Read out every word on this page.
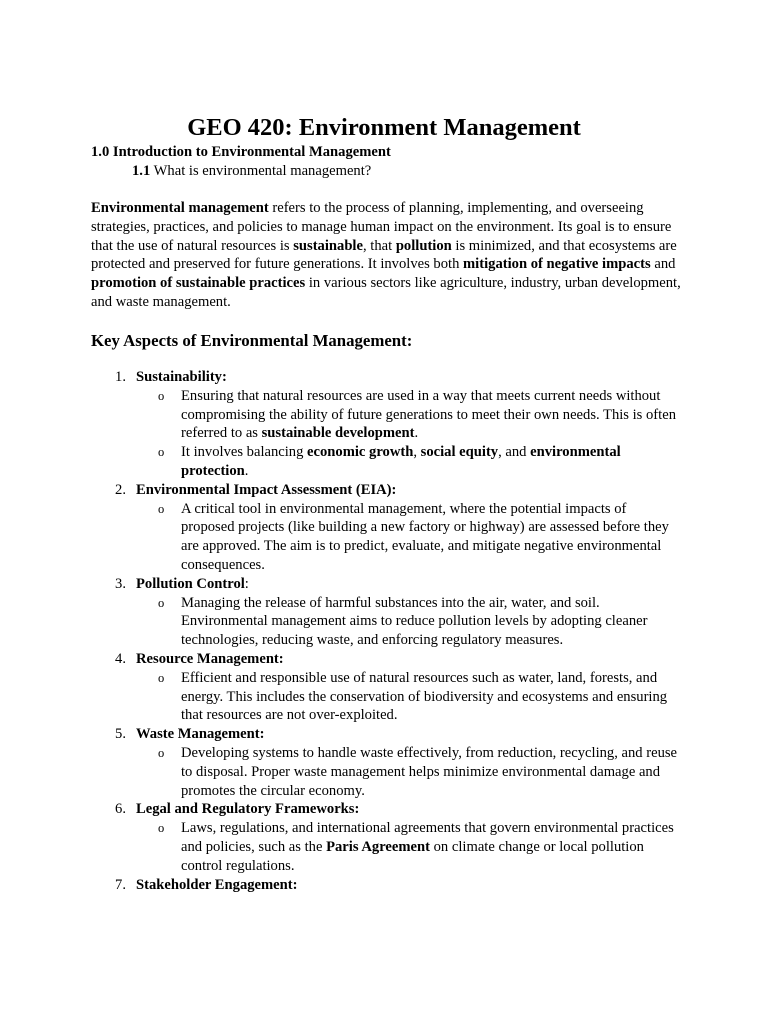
GEO 420: Environment Management
1.0 Introduction to Environmental Management
1.1 What is environmental management?

Environmental management refers to the process of planning, implementing, and overseeing strategies, practices, and policies to manage human impact on the environment. Its goal is to ensure that the use of natural resources is sustainable, that pollution is minimized, and that ecosystems are protected and preserved for future generations. It involves both mitigation of negative impacts and promotion of sustainable practices in various sectors like agriculture, industry, urban development, and waste management.

Key Aspects of Environmental Management:
1. Sustainability:
o Ensuring that natural resources are used in a way that meets current needs without compromising the ability of future generations to meet their own needs. This is often referred to as sustainable development.
o It involves balancing economic growth, social equity, and environmental protection.
2. Environmental Impact Assessment (EIA):
o A critical tool in environmental management, where the potential impacts of proposed projects (like building a new factory or highway) are assessed before they are approved. The aim is to predict, evaluate, and mitigate negative environmental consequences.
3. Pollution Control:
o Managing the release of harmful substances into the air, water, and soil. Environmental management aims to reduce pollution levels by adopting cleaner technologies, reducing waste, and enforcing regulatory measures.
4. Resource Management:
o Efficient and responsible use of natural resources such as water, land, forests, and energy. This includes the conservation of biodiversity and ecosystems and ensuring that resources are not over-exploited.
5. Waste Management:
o Developing systems to handle waste effectively, from reduction, recycling, and reuse to disposal. Proper waste management helps minimize environmental damage and promotes the circular economy.
6. Legal and Regulatory Frameworks:
o Laws, regulations, and international agreements that govern environmental practices and policies, such as the Paris Agreement on climate change or local pollution control regulations.
7. Stakeholder Engagement:
